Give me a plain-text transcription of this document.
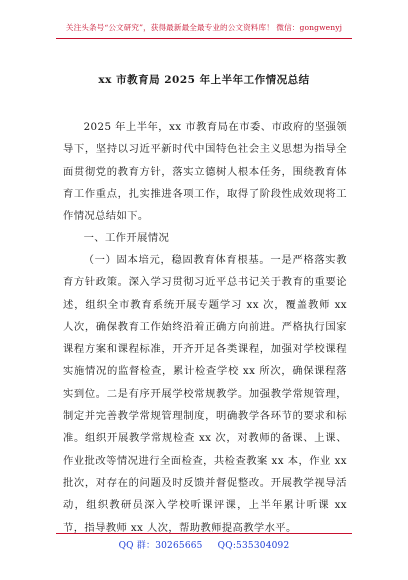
关注头条号“公文研究”，获得最新最全最专业的公文资料库！ 微信：gongwenyj
xx 市教育局 2025 年上半年工作情况总结

2025 年上半年，xx 市教育局在市委、市政府的坚强领导下，坚持以习近平新时代中国特色社会主义思想为指导全面贯彻党的教育方针，落实立德树人根本任务，围绕教育体育工作重点，扎实推进各项工作，取得了阶段性成效现将工作情况总结如下。

一、工作开展情况

（一）固本培元，稳固教育体育根基。一是严格落实教育方针政策。深入学习贯彻习近平总书记关于教育的重要论述，组织全市教育系统开展专题学习 xx 次，覆盖教师 xx 人次，确保教育工作始终沿着正确方向前进。严格执行国家课程方案和课程标准，开齐开足各类课程，加强对学校课程实施情况的监督检查，累计检查学校 xx 所次，确保课程落实到位。二是有序开展学校常规教学。加强教学常规管理，制定并完善教学常规管理制度，明确教学各环节的要求和标准。组织开展教学常规检查 xx 次，对教师的备课、上课、作业批改等情况进行全面检查，共检查教案 xx 本，作业 xx 批次，对存在的问题及时反馈并督促整改。开展教学视导活动，组织教研员深入学校听课评课，上半年累计听课 xx 节，指导教师 xx 人次，帮助教师提高教学水平。

QQ 群：30265665 QQ:535304092
